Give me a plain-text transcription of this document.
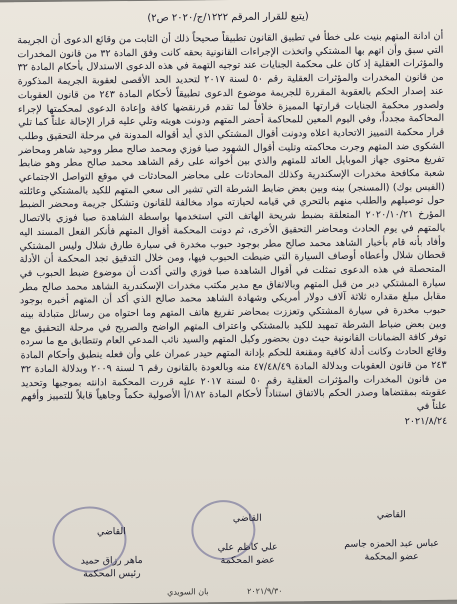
(يتبع للقرار المرقم ١٢٢٢/ج/٢٠٢٠ ص٢)

أن ادانة المتهم بنيت على خطأ في تطبيق القانون تطبيقاً صحيحاً ذلك أن الثابت من وقائع الدعوى أن الجريمة التي سبق وأن اتهم بها المشتكي واتخذت الإجراءات القانونية بحقه كانت وفق المادة ٣٢ من قانون المخدرات والمؤثرات العقلية إذ كان على محكمة الجنايات عند توجيه التهمة في هذه الدعوى الاستدلال بأحكام المادة ٣٢ من قانون المخدرات والمؤثرات العقلية رقم ٥٠ لسنة ٢٠١٧ لتحديد الحد الأقصى لعقوبة الجريمة المذكورة عند إصدار الحكم بالعقوبة المقررة للجريمة موضوع الدعوى تطبيقاً لأحكام المادة ٢٤٣ من قانون العقوبات ولصدور محكمة الجنايات قرارتها المميزة خلافاً لما تقدم قررنقضها كافة وإعادة الدعوى لمحكمتها لإجراء المحاكمة مجدداً، وفي اليوم المعين للمحاكمة أحضر المتهم ودونت هويته وتلي عليه قرار الإحالة علناً كما تلي قرار محكمة التمييز الاتحادية اعلاه ودونت أقوال المشتكي الذي أيد أقواله المدونة في مرحلة التحقيق وطلب الشكوى ضد المتهم وجرت محاكمته وتليت أقوال الشهود صبا فوزي ومحمد صالح مطر ووحيد شاهر ومحاضر تفريغ محتوى جهاز الموبايل العائد للمتهم والذي بين أخوانه على رقم الشاهد محمد صالح مطر وهو ضابط شعبة مكافحة مخدرات الإسكندرية وكذلك المحادثات على محاضر المحادثات في موقع التواصل الاجتماعي (الفيس بوك) (المسنجر) بينه وبين بعض ضابط الشرطة التي تشير الى سعي المتهم للكيد بالمشتكي وعائلته حول توصيلهم والطلب منهم بالتحري في قيامه لحيازته مواد مخالفة للقانون وتشكل جريمة ومحضر الضبط المؤرخ ٢٠٢٠/١٠/٢١ المتعلقة بضبط شريحة الهاتف التي استخدمها بواسطة الشاهدة صبا فوزي بالاتصال بالمتهم في يوم الحادث ومحاضر التحقيق الأخرى، ثم دونت المحكمة أقوال المتهم فأنكر الفعل المسند اليه وأفاد بأنه قام بأخبار الشاهد محمد صالح مطر بوجود حبوب مخدرة في سيارة طارق شلال وليس المشتكي قحطان شلال وأعطاه أوصاف السيارة التي ضبطت الحبوب فيها، ومن خلال التدقيق تجد المحكمة أن الأدلة المتحصلة في هذه الدعوى تمثلت في أقوال الشاهدة صبا فوزي والتي أكدت أن موضوع ضبط الحبوب في سيارة المشتكي دبر من قبل المتهم وبالاتفاق مع مدير مكتب مخدرات الإسكندرية الشاهد محمد صالح مطر مقابل مبلغ مقداره ثلاثة آلاف دولار أمريكي وشهادة الشاهد محمد صالح الذي أكد أن المتهم أخبره بوجود حبوب مخدرة في سيارة المشتكي وتعززت بمحاضر تفريغ هاتف المتهم وما احتواه من رسائل متبادلة بينه وبين بعض ضباط الشرطة تمهيد للكيد بالمشتكي واعتراف المتهم الواضح والصريح في مرحلة التحقيق مع توفر كافة الضمانات القانونية حيث دون بحضور وكيل المتهم والسيد نائب المدعي العام وتتطابق مع ما سرده وقائع الحادث وكانت أدلة كافية ومقنعة للحكم بإدانة المتهم حيدر عمران علي وأن فعله ينطبق وأحكام المادة ٢٤٣ من قانون العقوبات وبدلالة المادة ٤٧/٤٨/٤٩ منه وبالعودة بالقانون رقم ٦ لسنة ٢٠٠٩ وبدلالة المادة ٣٢ من قانون المخدرات والمؤثرات العقلية رقم ٥٠ لسنة ٢٠١٧ عليه قررت المحكمة ادانته بموجبها وتحديد عقوبته بمقتضاها وصدر الحكم بالاتفاق استناداً لأحكام المادة ١٨٢/أ الأصولية حكماً وجاهياً قابلاً للتمييز وأفهم علناً في

٢٠٢١/٨/٢٤

القاضي
ماهر رزاق حميد
رئيس المحكمة
القاضي
علي كاظم علي
عضو المحكمة
القاضي
عباس عبد الحمزه جاسم
عضو المحكمة
٢٠٢١/٩/٣٠
بان السويدي
